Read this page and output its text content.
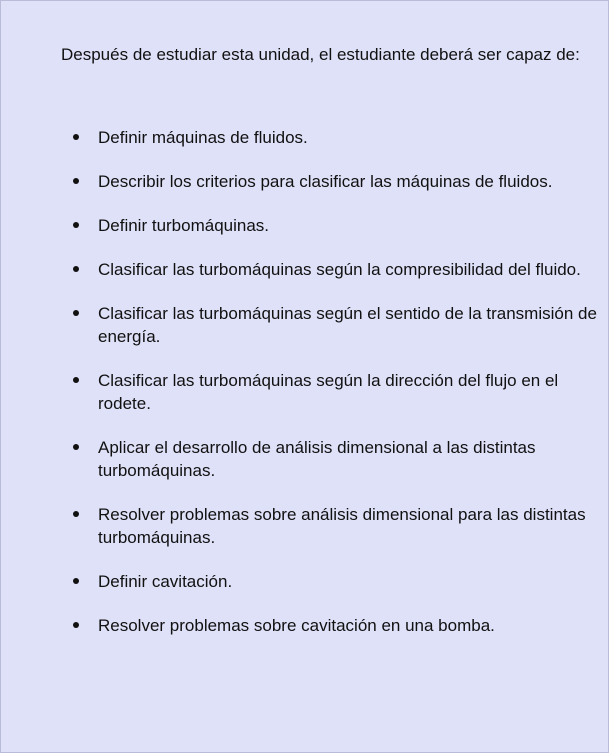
Después de estudiar esta unidad, el estudiante deberá ser capaz de:

Definir máquinas de fluidos.
Describir los criterios para clasificar las máquinas de fluidos.
Definir turbomáquinas.
Clasificar las turbomáquinas según la compresibilidad del fluido.
Clasificar las turbomáquinas según el sentido de la transmisión de energía.
Clasificar las turbomáquinas según la dirección del flujo en el rodete.
Aplicar el desarrollo de análisis dimensional a las distintas turbomáquinas.
Resolver problemas sobre análisis dimensional para las distintas turbomáquinas.
Definir cavitación.
Resolver problemas sobre cavitación en una bomba.
